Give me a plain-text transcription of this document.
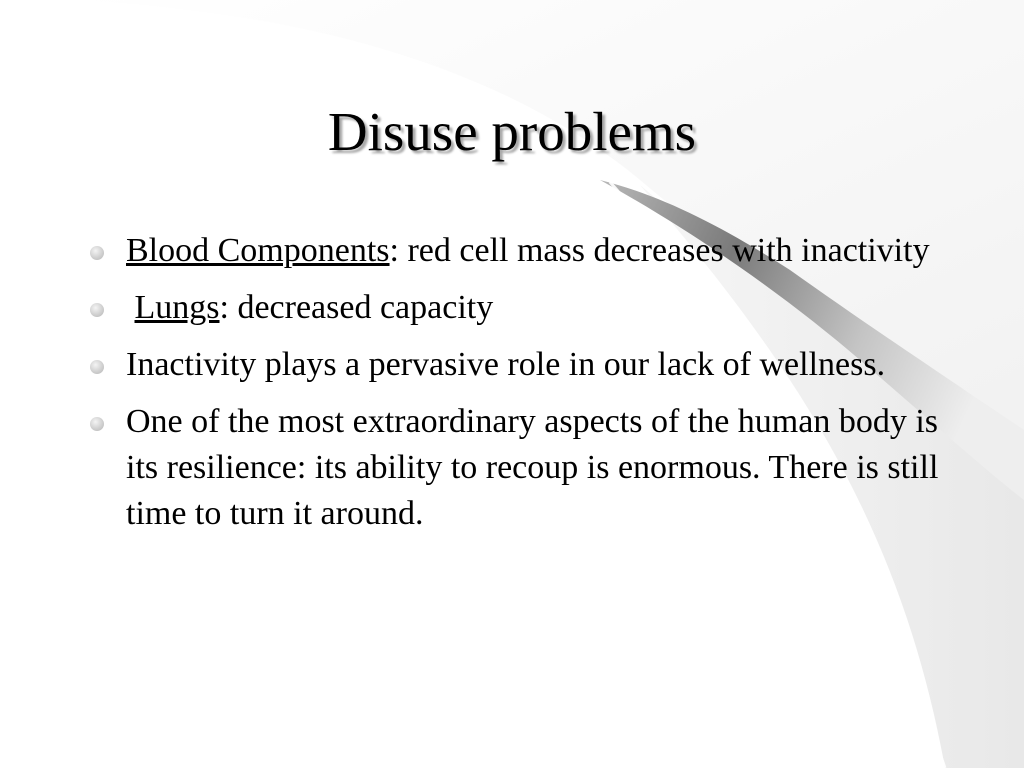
Disuse problems
Blood Components: red cell mass decreases with inactivity
Lungs: decreased capacity
Inactivity plays a pervasive role in our lack of wellness.
One of the most extraordinary aspects of the human body is its resilience: its ability to recoup is enormous. There is still time to turn it around.
